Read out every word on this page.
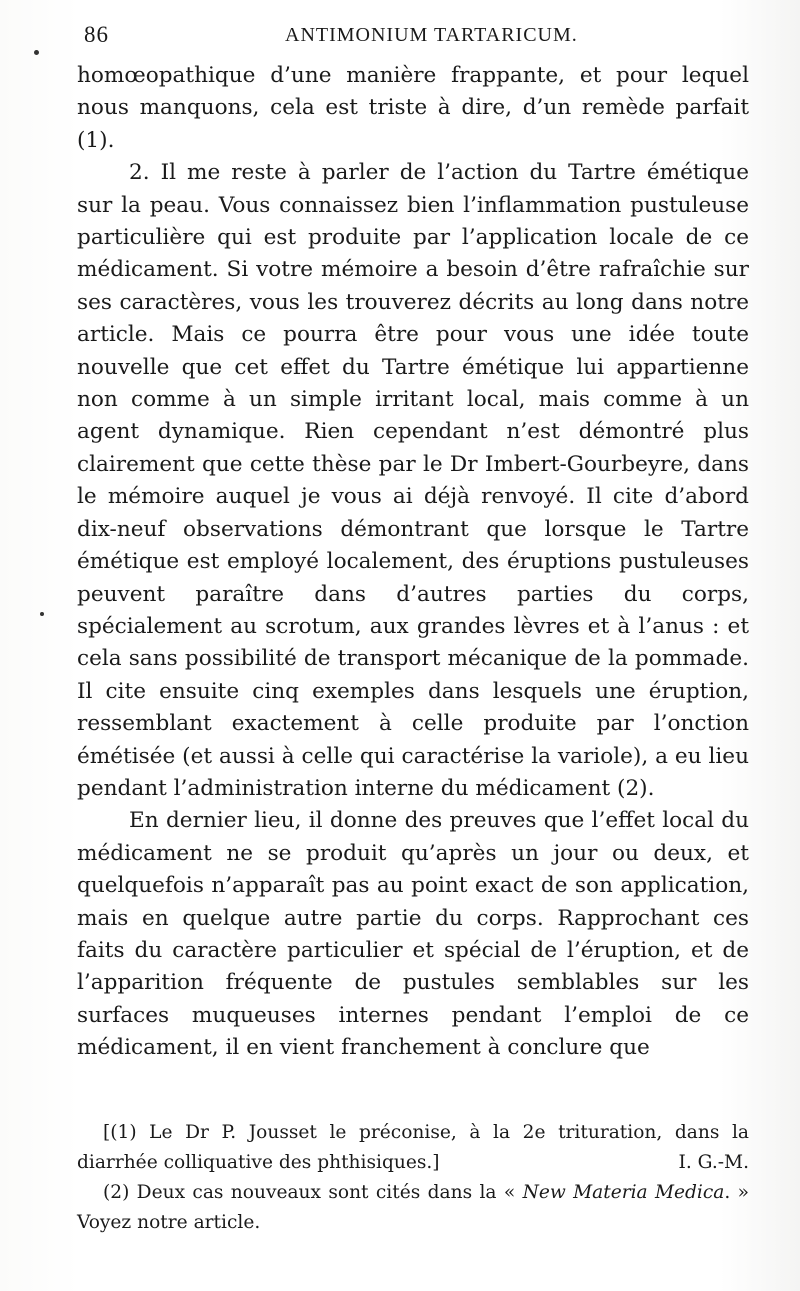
86	ANTIMONIUM TARTARICUM.

homœopathique d’une manière frappante, et pour lequel nous manquons, cela est triste à dire, d’un remède parfait (1).

2. Il me reste à parler de l’action du Tartre émétique sur la peau. Vous connaissez bien l’inflammation pustuleuse particulière qui est produite par l’application locale de ce médicament. Si votre mémoire a besoin d’être rafraîchie sur ses caractères, vous les trouverez décrits au long dans notre article. Mais ce pourra être pour vous une idée toute nouvelle que cet effet du Tartre émétique lui appartienne non comme à un simple irritant local, mais comme à un agent dynamique. Rien cependant n’est démontré plus clairement que cette thèse par le Dr Imbert-Gourbeyre, dans le mémoire auquel je vous ai déjà renvoyé. Il cite d’abord dix-neuf observations démontrant que lorsque le Tartre émétique est employé localement, des éruptions pustuleuses peuvent paraître dans d’autres parties du corps, spécialement au scrotum, aux grandes lèvres et à l’anus : et cela sans possibilité de transport mécanique de la pommade. Il cite ensuite cinq exemples dans lesquels une éruption, ressemblant exactement à celle produite par l’onction émétisée (et aussi à celle qui caractérise la variole), a eu lieu pendant l’administration interne du médicament (2).

En dernier lieu, il donne des preuves que l’effet local du médicament ne se produit qu’après un jour ou deux, et quelquefois n’apparaît pas au point exact de son application, mais en quelque autre partie du corps. Rapprochant ces faits du caractère particulier et spécial de l’éruption, et de l’apparition fréquente de pustules semblables sur les surfaces muqueuses internes pendant l’emploi de ce médicament, il en vient franchement à conclure que

[(1) Le Dr P. Jousset le préconise, à la 2e trituration, dans la diarrhée colliquative des phthisiques.]	I. G.-M.

(2) Deux cas nouveaux sont cités dans la « New Materia Medica. » Voyez notre article.
